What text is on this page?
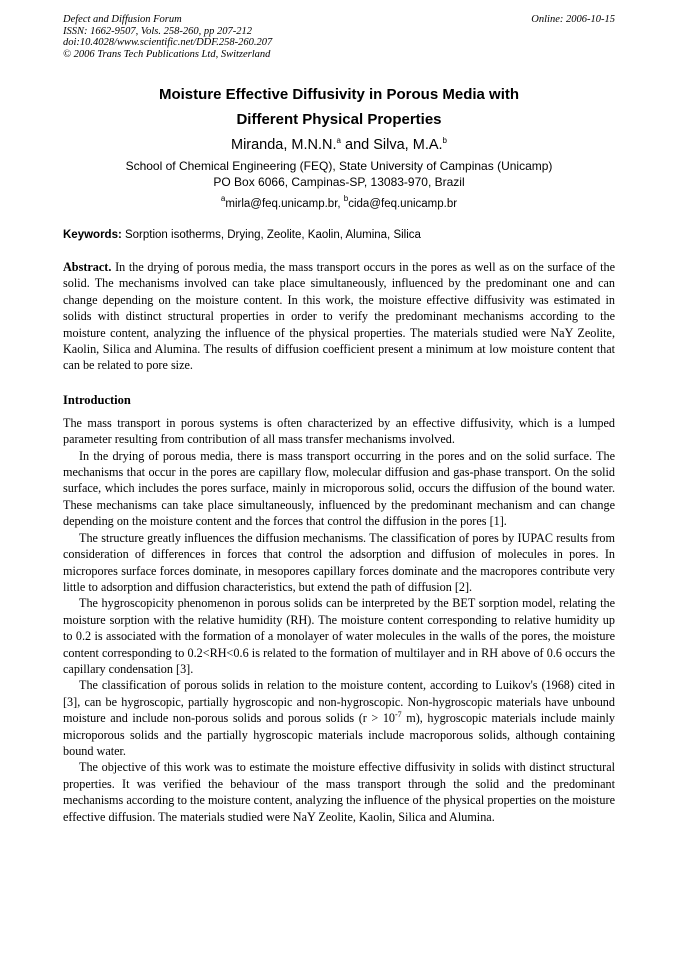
Defect and Diffusion Forum
ISSN: 1662-9507, Vols. 258-260, pp 207-212
doi:10.4028/www.scientific.net/DDF.258-260.207
© 2006 Trans Tech Publications Ltd, Switzerland
Online: 2006-10-15
Moisture Effective Diffusivity in Porous Media with
Different Physical Properties
Miranda, M.N.N.$^a$ and Silva, M.A.$^b$
School of Chemical Engineering (FEQ), State University of Campinas (Unicamp)
PO Box 6066, Campinas-SP, 13083-970, Brazil
$^a$mirla@feq.unicamp.br, $^b$cida@feq.unicamp.br
Keywords: Sorption isotherms, Drying, Zeolite, Kaolin, Alumina, Silica
Abstract. In the drying of porous media, the mass transport occurs in the pores as well as on the surface of the solid. The mechanisms involved can take place simultaneously, influenced by the predominant one and can change depending on the moisture content. In this work, the moisture effective diffusivity was estimated in solids with distinct structural properties in order to verify the predominant mechanisms according to the moisture content, analyzing the influence of the physical properties. The materials studied were NaY Zeolite, Kaolin, Silica and Alumina. The results of diffusion coefficient present a minimum at low moisture content that can be related to pore size.
Introduction
The mass transport in porous systems is often characterized by an effective diffusivity, which is a lumped parameter resulting from contribution of all mass transfer mechanisms involved.
In the drying of porous media, there is mass transport occurring in the pores and on the solid surface. The mechanisms that occur in the pores are capillary flow, molecular diffusion and gas-phase transport. On the solid surface, which includes the pores surface, mainly in microporous solid, occurs the diffusion of the bound water. These mechanisms can take place simultaneously, influenced by the predominant mechanism and can change depending on the moisture content and the forces that control the diffusion in the pores [1].
The structure greatly influences the diffusion mechanisms. The classification of pores by IUPAC results from consideration of differences in forces that control the adsorption and diffusion of molecules in pores. In micropores surface forces dominate, in mesopores capillary forces dominate and the macropores contribute very little to adsorption and diffusion characteristics, but extend the path of diffusion [2].
The hygroscopicity phenomenon in porous solids can be interpreted by the BET sorption model, relating the moisture sorption with the relative humidity (RH). The moisture content corresponding to relative humidity up to 0.2 is associated with the formation of a monolayer of water molecules in the walls of the pores, the moisture content corresponding to 0.2<RH<0.6 is related to the formation of multilayer and in RH above of 0.6 occurs the capillary condensation [3].
The classification of porous solids in relation to the moisture content, according to Luikov's (1968) cited in [3], can be hygroscopic, partially hygroscopic and non-hygroscopic. Non-hygroscopic materials have unbound moisture and include non-porous solids and porous solids ($r > 10^{-7}$ m), hygroscopic materials include mainly microporous solids and the partially hygroscopic materials include macroporous solids, although containing bound water.
The objective of this work was to estimate the moisture effective diffusivity in solids with distinct structural properties. It was verified the behaviour of the mass transport through the solid and the predominant mechanisms according to the moisture content, analyzing the influence of the physical properties on the moisture effective diffusion. The materials studied were NaY Zeolite, Kaolin, Silica and Alumina.
